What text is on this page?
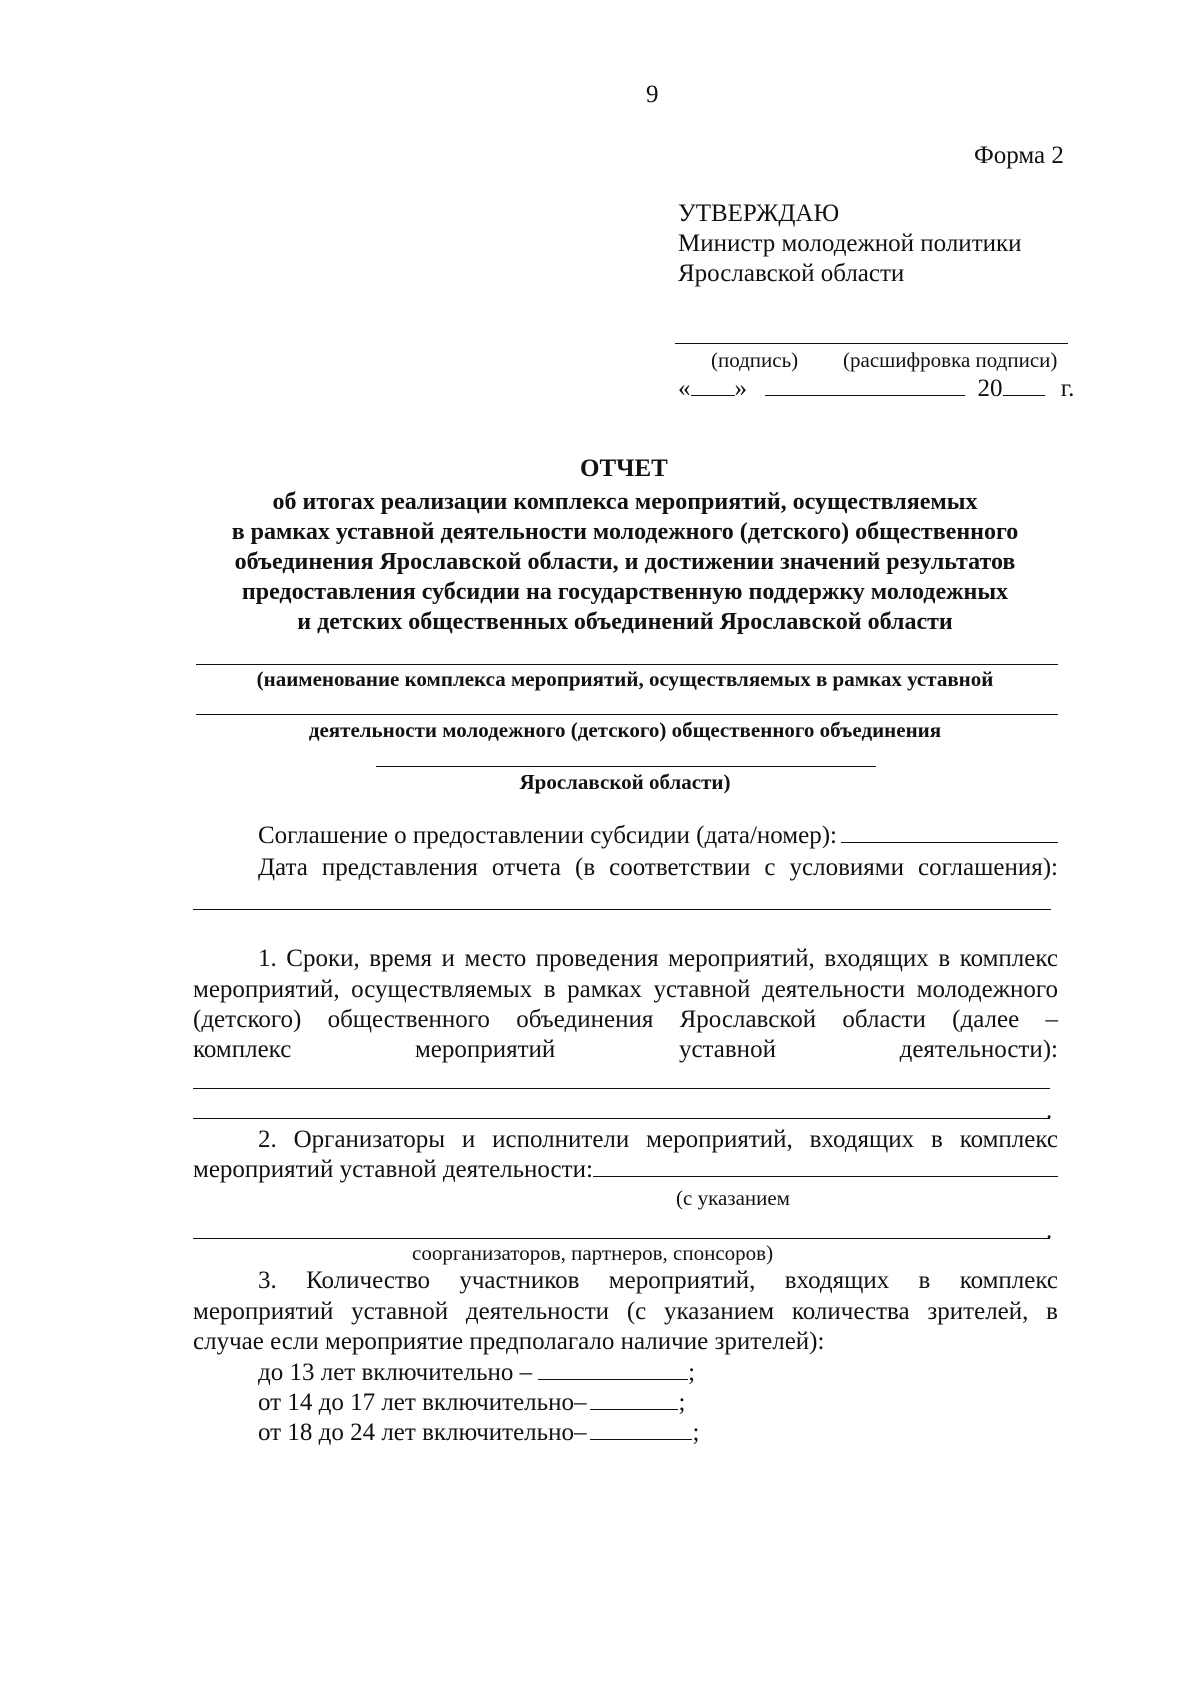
9
Форма 2
УТВЕРЖДАЮ
Министр молодежной политики
Ярославской области
(подпись) (расшифровка подписи)
« »	20 г.
ОТЧЕТ
об итогах реализации комплекса мероприятий, осуществляемых
в рамках уставной деятельности молодежного (детского) общественного
объединения Ярославской области, и достижении значений результатов
предоставления субсидии на государственную поддержку молодежных
и детских общественных объединений Ярославской области
(наименование комплекса мероприятий, осуществляемых в рамках уставной
деятельности молодежного (детского) общественного объединения
Ярославской области)
Соглашение о предоставлении субсидии (дата/номер):
Дата представления отчета (в соответствии с условиями соглашения):
1. Сроки, время и место проведения мероприятий, входящих в комплекс
мероприятий, осуществляемых в рамках уставной деятельности молодежного
(детского) общественного объединения Ярославской области (далее –
комплекс мероприятий уставной деятельности):
.
2. Организаторы и исполнители мероприятий, входящих в комплекс
мероприятий уставной деятельности:
(с указанием
.
соорганизаторов, партнеров, спонсоров)
3. Количество участников мероприятий, входящих в комплекс
мероприятий уставной деятельности (с указанием количества зрителей, в
случае если мероприятие предполагало наличие зрителей):
до 13 лет включительно –	;
от 14 до 17 лет включительно–	;
от 18 до 24 лет включительно–	;
